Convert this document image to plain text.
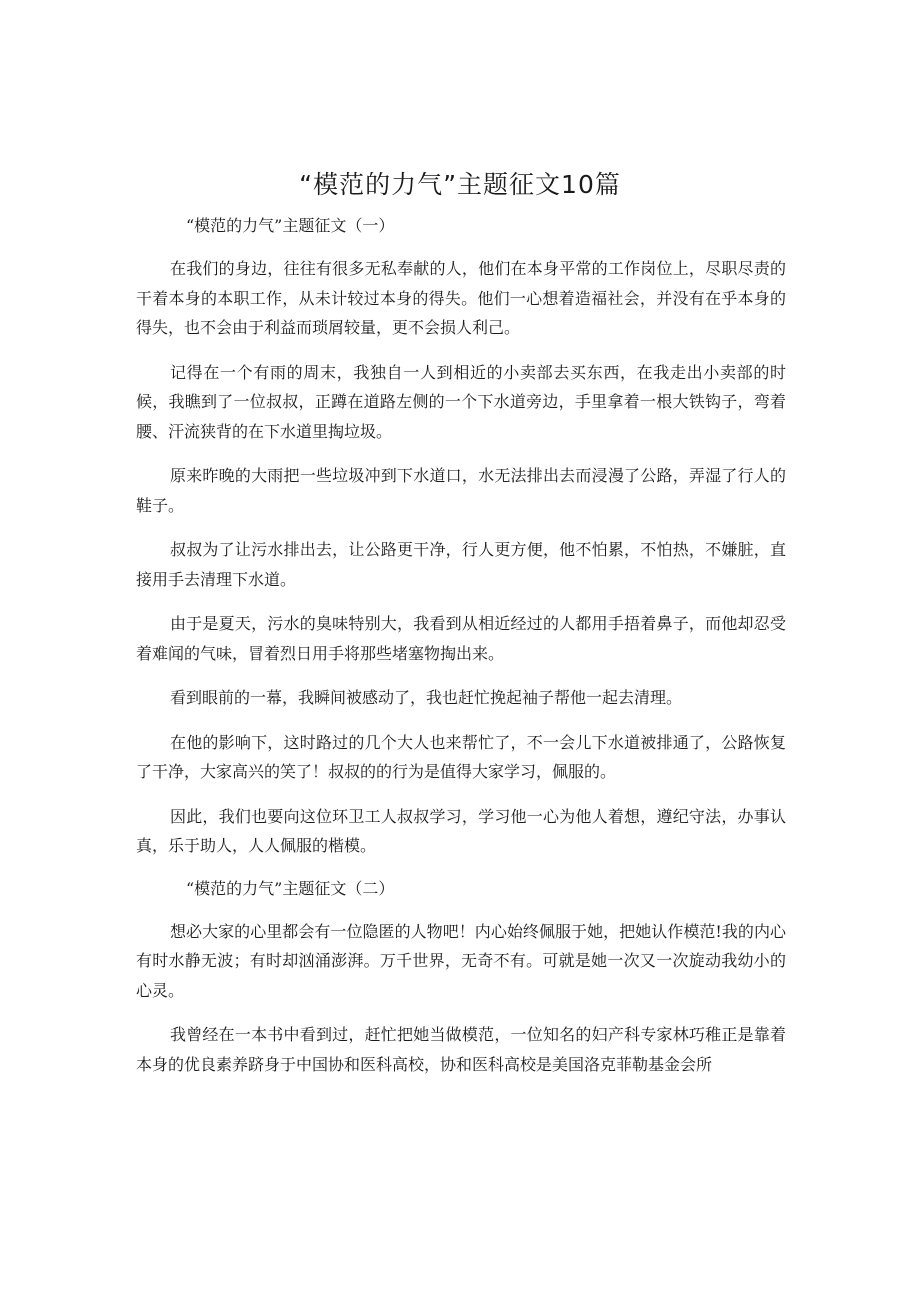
“模范的力气”主题征文10篇

“模范的力气”主题征文（一）

在我们的身边，往往有很多无私奉献的人，他们在本身平常的工作岗位上，尽职尽责的干着本身的本职工作，从未计较过本身的得失。他们一心想着造福社会，并没有在乎本身的得失，也不会由于利益而琐屑较量，更不会损人利己。

记得在一个有雨的周末，我独自一人到相近的小卖部去买东西，在我走出小卖部的时候，我瞧到了一位叔叔，正蹲在道路左侧的一个下水道旁边，手里拿着一根大铁钩子，弯着腰、汗流狭背的在下水道里掏垃圾。

原来昨晚的大雨把一些垃圾冲到下水道口，水无法排出去而浸漫了公路，弄湿了行人的鞋子。

叔叔为了让污水排出去，让公路更干净，行人更方便，他不怕累，不怕热，不嫌脏，直接用手去清理下水道。

由于是夏天，污水的臭味特别大，我看到从相近经过的人都用手捂着鼻子，而他却忍受着难闻的气味，冒着烈日用手将那些堵塞物掏出来。

看到眼前的一幕，我瞬间被感动了，我也赶忙挽起袖子帮他一起去清理。

在他的影响下，这时路过的几个大人也来帮忙了，不一会儿下水道被排通了，公路恢复了干净，大家高兴的笑了！叔叔的的行为是值得大家学习，佩服的。

因此，我们也要向这位环卫工人叔叔学习，学习他一心为他人着想，遵纪守法，办事认真，乐于助人，人人佩服的楷模。

“模范的力气”主题征文（二）

想必大家的心里都会有一位隐匿的人物吧！内心始终佩服于她，把她认作模范!我的内心有时水静无波；有时却汹涌澎湃。万千世界，无奇不有。可就是她一次又一次旋动我幼小的心灵。

我曾经在一本书中看到过，赶忙把她当做模范，一位知名的妇产科专家林巧稚正是靠着本身的优良素养跻身于中国协和医科高校，协和医科高校是美国洛克菲勒基金会所
